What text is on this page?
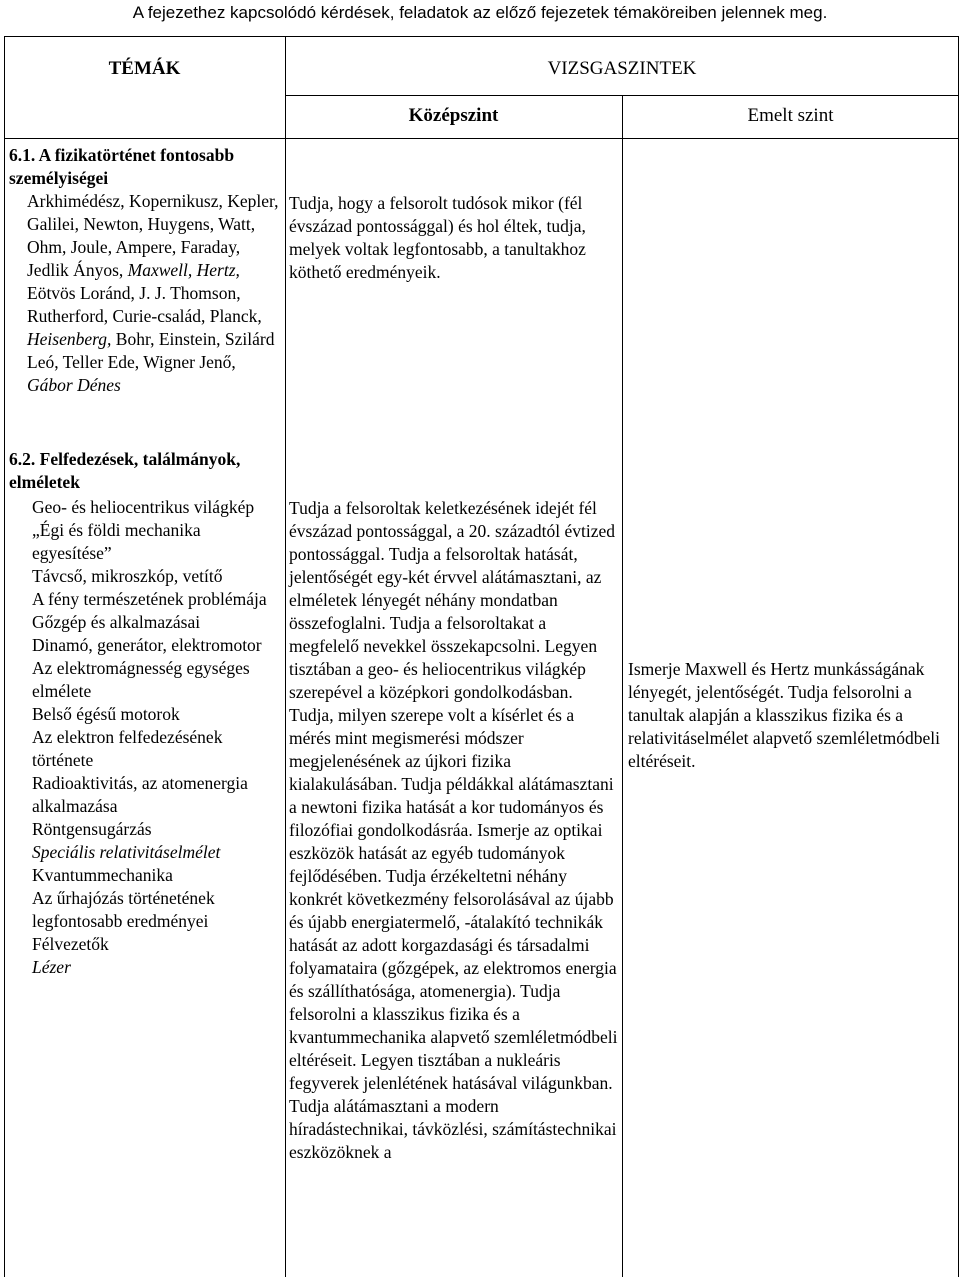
A fejezethez kapcsolódó kérdések, feladatok az előző fejezetek témaköreiben jelennek meg.
TÉMÁK	VIZSGASZINTEK
Középszint	Emelt szint

6.1. A fizikatörténet fontosabb személyiségei

Arkhimédész, Kopernikusz, Kepler, Galilei, Newton, Huygens, Watt, Ohm, Joule, Ampere, Faraday, Jedlik Ányos, Maxwell, Hertz, Eötvös Loránd, J. J. Thomson, Rutherford, Curie-család, Planck, Heisenberg, Bohr, Einstein, Szilárd Leó, Teller Ede, Wigner Jenő, Gábor Dénes

Tudja, hogy a felsorolt tudósok mikor (fél évszázad pontossággal) és hol éltek, tudja, melyek voltak legfontosabb, a tanultakhoz köthető eredményeik.

6.2. Felfedezések, találmányok, elméletek

Geo- és heliocentrikus világkép

„Égi és földi mechanika egyesítése”

Távcső, mikroszkóp, vetítő

A fény természetének problémája

Gőzgép és alkalmazásai

Dinamó, generátor, elektromotor

Az elektromágnesség egységes elmélete

Belső égésű motorok

Az elektron felfedezésének története

Radioaktivitás, az atomenergia alkalmazása

Röntgensugárzás

Speciális relativitáselmélet

Kvantummechanika

Az űrhajózás történetének legfontosabb eredményei

Félvezetők

Lézer

Tudja a felsoroltak keletkezésének idejét fél évszázad pontossággal, a 20. századtól évtized pontossággal. Tudja a felsoroltak hatását, jelentőségét egy-két érvvel alátámasztani, az elméletek lényegét néhány mondatban összefoglalni. Tudja a felsoroltakat a megfelelő nevekkel összekapcsolni. Legyen tisztában a geo- és heliocentrikus világkép szerepével a középkori gondolkodásban. Tudja, milyen szerepe volt a kísérlet és a mérés mint megismerési módszer megjelenésének az újkori fizika kialakulásában. Tudja példákkal alátámasztani a newtoni fizika hatását a kor tudományos és filozófiai gondolkodásráa. Ismerje az optikai eszközök hatását az egyéb tudományok fejlődésében. Tudja érzékeltetni néhány konkrét következmény felsorolásával az újabb és újabb energiatermelő, -átalakító technikák hatását az adott korgazdasági és társadalmi folyamataira (gőzgépek, az elektromos energia és szállíthatósága, atomenergia). Tudja felsorolni a klasszikus fizika és a kvantummechanika alapvető szemléletmódbeli eltéréseit. Legyen tisztában a nukleáris fegyverek jelenlétének hatásával világunkban. Tudja alátámasztani a modern híradástechnikai, távközlési, számítástechnikai eszközöknek a
Ismerje Maxwell és Hertz munkásságának lényegét, jelentőségét. Tudja felsorolni a tanultak alapján a klasszikus fizika és a relativitáselmélet alapvető szemléletmódbeli eltéréseit.
